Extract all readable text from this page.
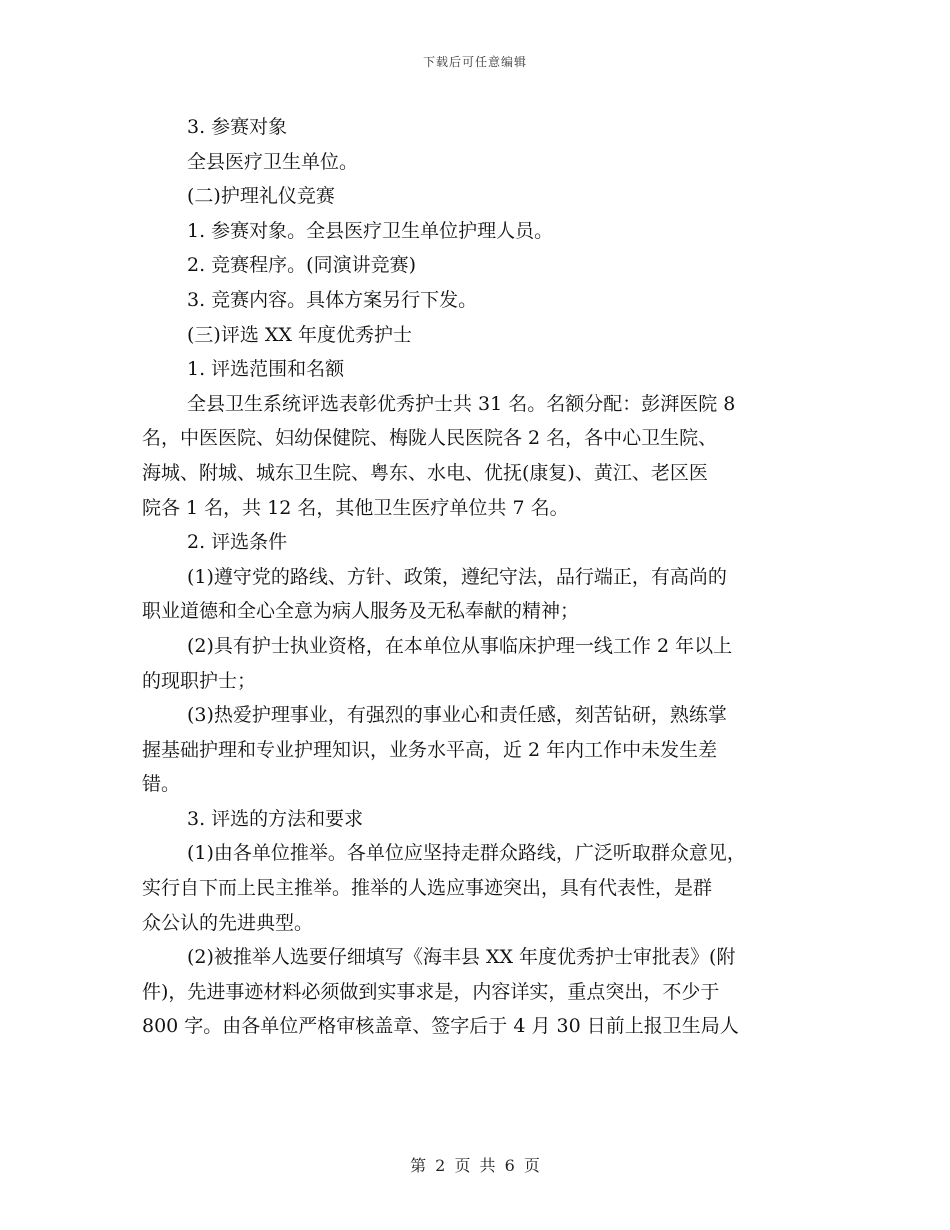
下载后可任意编辑
3. 参赛对象
全县医疗卫生单位。
(二)护理礼仪竞赛
1. 参赛对象。全县医疗卫生单位护理人员。
2. 竞赛程序。(同演讲竞赛)
3. 竞赛内容。具体方案另行下发。
(三)评选 XX 年度优秀护士
1. 评选范围和名额
全县卫生系统评选表彰优秀护士共 31 名。名额分配：彭湃医院 8
名，中医医院、妇幼保健院、梅陇人民医院各 2 名，各中心卫生院、
海城、附城、城东卫生院、粤东、水电、优抚(康复)、黄江、老区医
院各 1 名，共 12 名，其他卫生医疗单位共 7 名。
2. 评选条件
(1)遵守党的路线、方针、政策，遵纪守法，品行端正，有高尚的
职业道德和全心全意为病人服务及无私奉献的精神；
(2)具有护士执业资格，在本单位从事临床护理一线工作 2 年以上
的现职护士；
(3)热爱护理事业，有强烈的事业心和责任感，刻苦钻研，熟练掌
握基础护理和专业护理知识，业务水平高，近 2 年内工作中未发生差
错。
3. 评选的方法和要求
(1)由各单位推举。各单位应坚持走群众路线，广泛听取群众意见，
实行自下而上民主推举。推举的人选应事迹突出，具有代表性，是群
众公认的先进典型。
(2)被推举人选要仔细填写《海丰县 XX 年度优秀护士审批表》(附
件)，先进事迹材料必须做到实事求是，内容详实，重点突出，不少于
800 字。由各单位严格审核盖章、签字后于 4 月 30 日前上报卫生局人
第 2 页 共 6 页
